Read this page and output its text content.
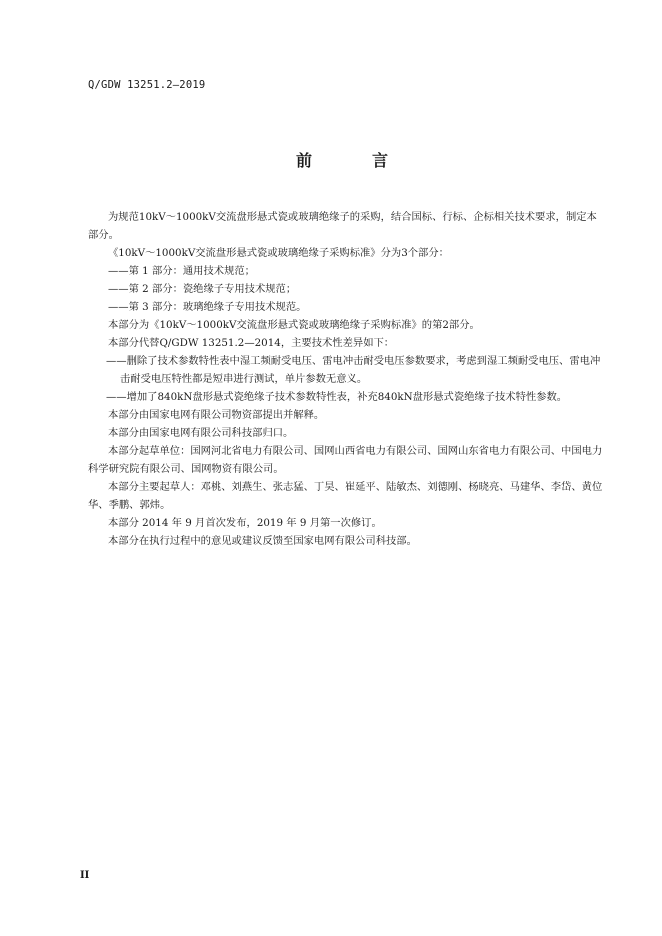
Q/GDW 13251.2—2019
前　言

为规范10kV～1000kV交流盘形悬式瓷或玻璃绝缘子的采购，结合国标、行标、企标相关技术要求，制定本部分。

《10kV～1000kV交流盘形悬式瓷或玻璃绝缘子采购标准》分为3个部分：

——第 1 部分：通用技术规范；

——第 2 部分：瓷绝缘子专用技术规范；

——第 3 部分：玻璃绝缘子专用技术规范。

本部分为《10kV～1000kV交流盘形悬式瓷或玻璃绝缘子采购标准》的第2部分。

本部分代替Q/GDW 13251.2—2014，主要技术性差异如下：

——删除了技术参数特性表中湿工频耐受电压、雷电冲击耐受电压参数要求，考虑到湿工频耐受电压、雷电冲击耐受电压特性都是短串进行测试，单片参数无意义。

——增加了840kN盘形悬式瓷绝缘子技术参数特性表，补充840kN盘形悬式瓷绝缘子技术特性参数。

本部分由国家电网有限公司物资部提出并解释。

本部分由国家电网有限公司科技部归口。

本部分起草单位：国网河北省电力有限公司、国网山西省电力有限公司、国网山东省电力有限公司、中国电力科学研究院有限公司、国网物资有限公司。

本部分主要起草人：邓桃、刘燕生、张志猛、丁昊、崔延平、陆敏杰、刘德刚、杨晓亮、马建华、李岱、黄位华、季鹏、郭炜。

本部分 2014 年 9 月首次发布，2019 年 9 月第一次修订。

本部分在执行过程中的意见或建议反馈至国家电网有限公司科技部。

II
